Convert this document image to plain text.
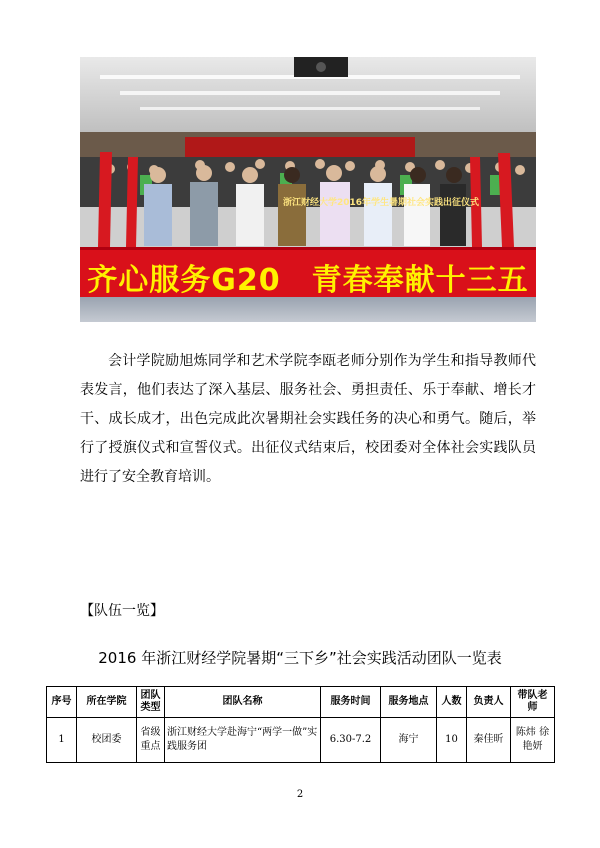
浙江财经大学2016年学生暑期社会实践出征仪式
齐心服务G20　青春奉献十三五

会计学院励旭炼同学和艺术学院李瓯老师分别作为学生和指导教师代表发言，他们表达了深入基层、服务社会、勇担责任、乐于奉献、增长才干、成长成才，出色完成此次暑期社会实践任务的决心和勇气。随后，举行了授旗仪式和宣誓仪式。出征仪式结束后，校团委对全体社会实践队员进行了安全教育培训。

【队伍一览】
2016 年浙江财经学院暑期“三下乡”社会实践活动团队一览表
序号	所在学院	团队类型	团队名称	服务时间	服务地点	人数	负责人	带队老师
1	校团委	省级重点	浙江财经大学赴海宁“两学一做”实践服务团	6.30-7.2	海宁	10	秦佳昕	陈炜 徐艳妍
2
